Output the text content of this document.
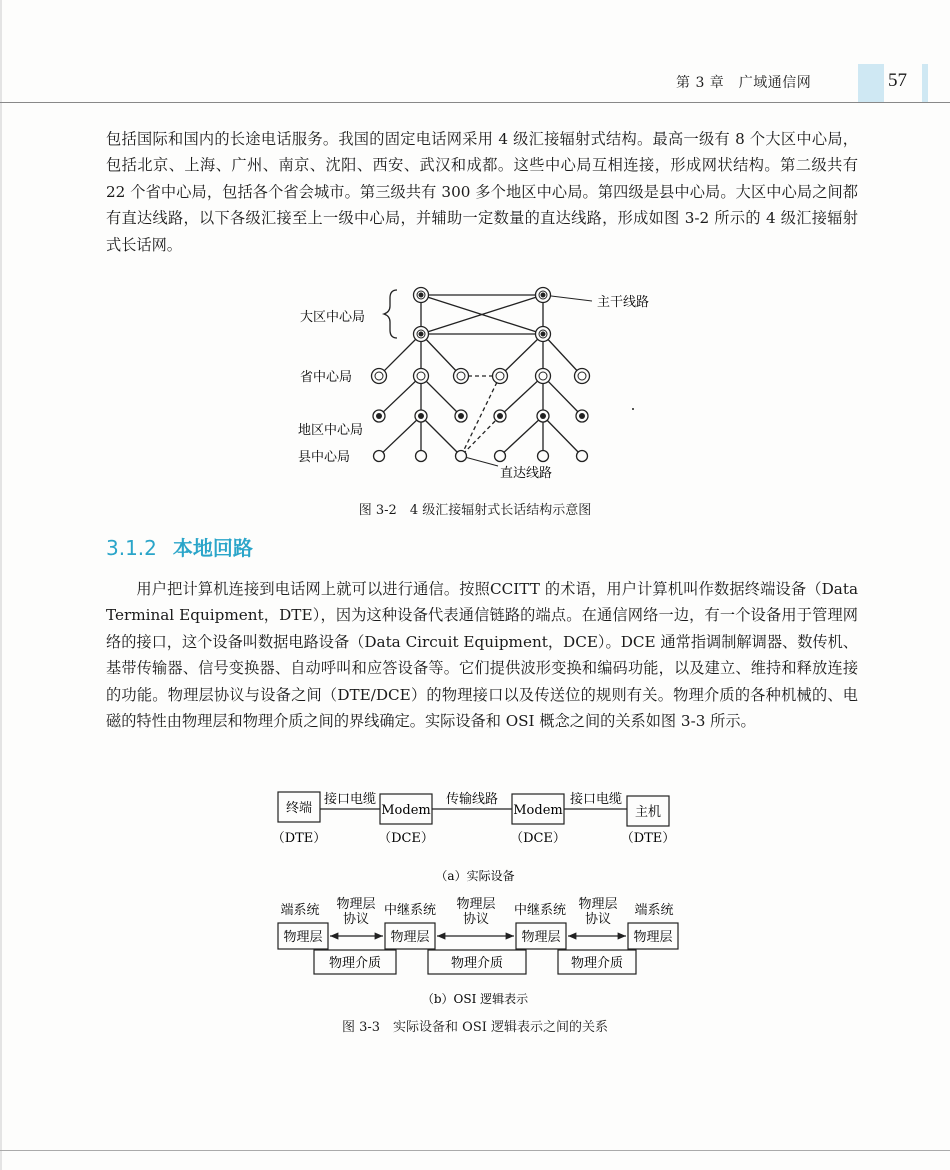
第 3 章　广域通信网	57

包括国际和国内的长途电话服务。我国的固定电话网采用 4 级汇接辐射式结构。最高一级有 8 个大区中心局，包括北京、上海、广州、南京、沈阳、西安、武汉和成都。这些中心局互相连接，形成网状结构。第二级共有 22 个省中心局，包括各个省会城市。第三级共有 300 多个地区中心局。第四级是县中心局。大区中心局之间都有直达线路，以下各级汇接至上一级中心局，并辅助一定数量的直达线路，形成如图 3-2 所示的 4 级汇接辐射式长话网。

大区中心局
省中心局
地区中心局
县中心局
主干线路
直达线路
图 3-2　4 级汇接辐射式长话结构示意图
3.1.2 本地回路

用户把计算机连接到电话网上就可以进行通信。按照CCITT 的术语，用户计算机叫作数据终端设备（Data Terminal Equipment，DTE），因为这种设备代表通信链路的端点。在通信网络一边，有一个设备用于管理网络的接口，这个设备叫数据电路设备（Data Circuit Equipment，DCE）。DCE 通常指调制解调器、数传机、基带传输器、信号变换器、自动呼叫和应答设备等。它们提供波形变换和编码功能，以及建立、维持和释放连接的功能。物理层协议与设备之间（DTE/DCE）的物理接口以及传送位的规则有关。物理介质的各种机械的、电磁的特性由物理层和物理介质之间的界线确定。实际设备和 OSI 概念之间的关系如图 3-3 所示。

终端
接口电缆
Modem
传输线路
Modem
接口电缆
主机
（DTE）	（DCE）	（DCE）	（DTE）
（a）实际设备
端系统 物理层
协议
中继系统 物理层
协议
中继系统 物理层
协议
端系统
物理层	物理层	物理层	物理层
物理介质	物理介质	物理介质
（b）OSI 逻辑表示
图 3-3　实际设备和 OSI 逻辑表示之间的关系
